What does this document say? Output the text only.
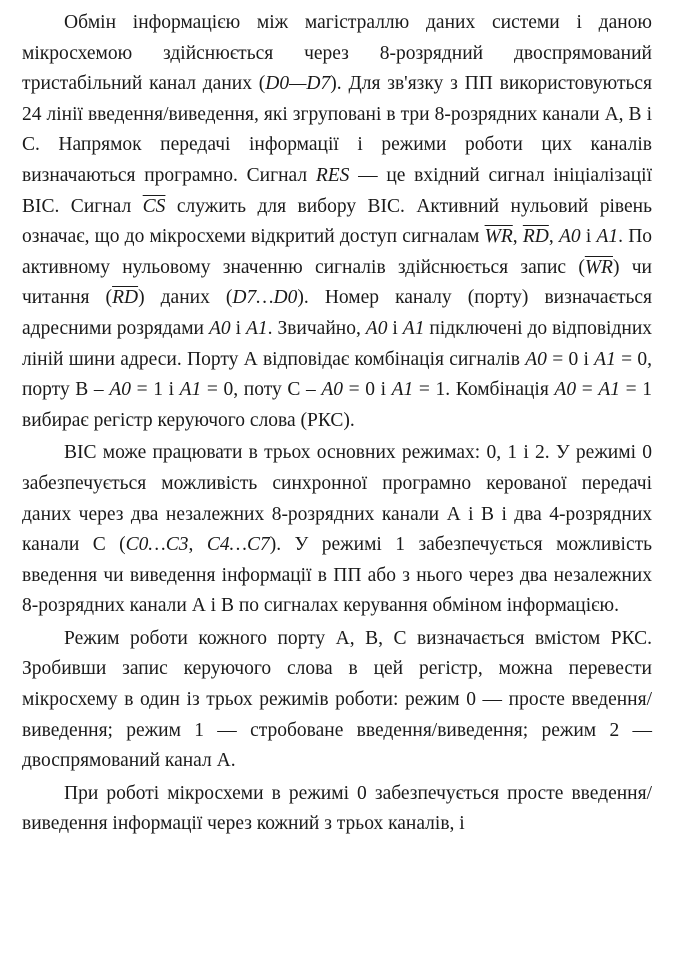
Обмін інформацією між магістраллю даних системи і даною мікросхемою здійснюється через 8-розрядний двоспрямований тристабільний канал даних (D0—D7). Для зв'язку з ПП використовуються 24 лінії введення/виведення, які згруповані в три 8-розрядних канали А, В і С. Напрямок передачі інформації і режими роботи цих каналів визначаються програмно. Сигнал RES — це вхідний сигнал ініціалізації ВІС. Сигнал $\overline{CS}$ служить для вибору ВІС. Активний нульовий рівень означає, що до мікросхеми відкритий доступ сигналам $\overline{WR}$, $\overline{RD}$, A0 і A1. По активному нульовому значенню сигналів здійснюється запис $(\overline{WR})$ чи читання $(\overline{RD})$ даних (D7…D0). Номер каналу (порту) визначається адресними розрядами A0 і A1. Звичайно, A0 і A1 підключені до відповідних ліній шини адреси. Порту А відповідає комбінація сигналів A0 = 0 і A1 = 0, порту В – A0 = 1 і A1 = 0, поту С – A0 = 0 і A1 = 1. Комбінація A0 = A1 = 1 вибирає регістр керуючого слова (РКС).

ВІС може працювати в трьох основних режимах: 0, 1 і 2. У режимі 0 забезпечується можливість синхронної програмно керованої передачі даних через два незалежних 8-розрядних канали А і В і два 4-розрядних канали С (C0…C3, C4…C7). У режимі 1 забезпечується можливість введення чи виведення інформації в ПП або з нього через два незалежних 8-розрядних канали А і В по сигналах керування обміном інформацією.

Режим роботи кожного порту А, В, С визначається вмістом РКС. Зробивши запис керуючого слова в цей регістр, можна перевести мікросхему в один із трьох режимів роботи: режим 0 — просте введення/виведення; режим 1 — стробоване введення/виведення; режим 2 — двоспрямований канал А.

При роботі мікросхеми в режимі 0 забезпечується просте введення/виведення інформації через кожний з трьох каналів, і
